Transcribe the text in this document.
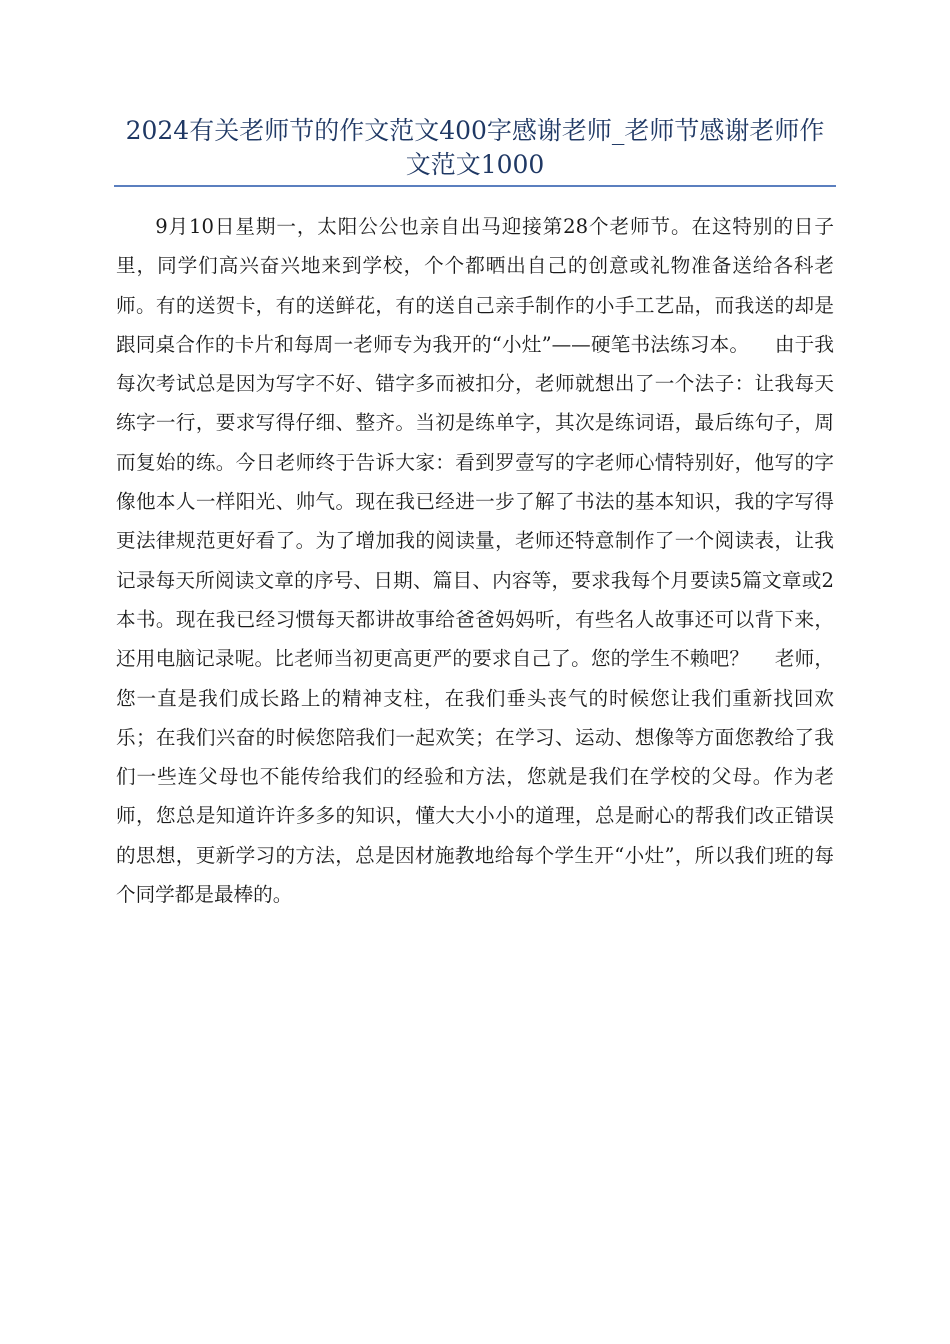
2024有关老师节的作文范文400字感谢老师_老师节感谢老师作文范文1000

9月10日星期一，太阳公公也亲自出马迎接第28个老师节。在这特别的日子里，同学们高兴奋兴地来到学校，个个都晒出自己的创意或礼物准备送给各科老师。有的送贺卡，有的送鲜花，有的送自己亲手制作的小手工艺品，而我送的却是跟同桌合作的卡片和每周一老师专为我开的“小灶”——硬笔书法练习本。    由于我每次考试总是因为写字不好、错字多而被扣分，老师就想出了一个法子：让我每天练字一行，要求写得仔细、整齐。当初是练单字，其次是练词语，最后练句子，周而复始的练。今日老师终于告诉大家：看到罗壹写的字老师心情特别好，他写的字像他本人一样阳光、帅气。现在我已经进一步了解了书法的基本知识，我的字写得更法律规范更好看了。为了增加我的阅读量，老师还特意制作了一个阅读表，让我记录每天所阅读文章的序号、日期、篇目、内容等，要求我每个月要读5篇文章或2本书。现在我已经习惯每天都讲故事给爸爸妈妈听，有些名人故事还可以背下来，还用电脑记录呢。比老师当初更高更严的要求自己了。您的学生不赖吧？    老师，您一直是我们成长路上的精神支柱，在我们垂头丧气的时候您让我们重新找回欢乐；在我们兴奋的时候您陪我们一起欢笑；在学习、运动、想像等方面您教给了我们一些连父母也不能传给我们的经验和方法，您就是我们在学校的父母。作为老师，您总是知道许许多多的知识，懂大大小小的道理，总是耐心的帮我们改正错误的思想，更新学习的方法，总是因材施教地给每个学生开“小灶”，所以我们班的每个同学都是最棒的。
